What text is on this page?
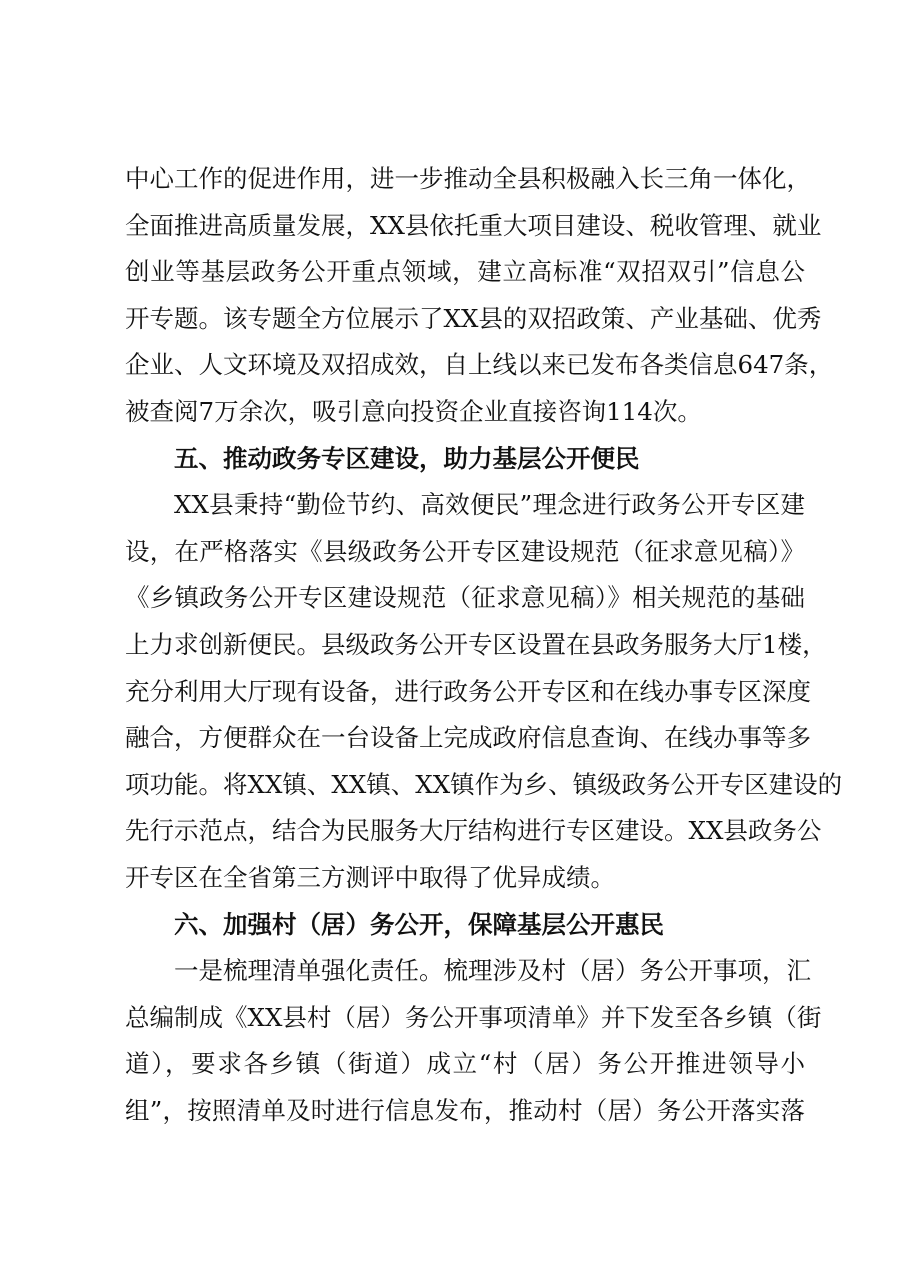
中心工作的促进作用，进一步推动全县积极融入长三角一体化，
全面推进高质量发展，XX县依托重大项目建设、税收管理、就业
创业等基层政务公开重点领域，建立高标准“双招双引”信息公
开专题。该专题全方位展示了XX县的双招政策、产业基础、优秀
企业、人文环境及双招成效，自上线以来已发布各类信息647条，
被查阅7万余次，吸引意向投资企业直接咨询114次。
五、推动政务专区建设，助力基层公开便民
XX县秉持“勤俭节约、高效便民”理念进行政务公开专区建
设，在严格落实《县级政务公开专区建设规范（征求意见稿）》
《乡镇政务公开专区建设规范（征求意见稿）》相关规范的基础
上力求创新便民。县级政务公开专区设置在县政务服务大厅1楼，
充分利用大厅现有设备，进行政务公开专区和在线办事专区深度
融合，方便群众在一台设备上完成政府信息查询、在线办事等多
项功能。将XX镇、XX镇、XX镇作为乡、镇级政务公开专区建设的
先行示范点，结合为民服务大厅结构进行专区建设。XX县政务公
开专区在全省第三方测评中取得了优异成绩。
六、加强村（居）务公开，保障基层公开惠民
一是梳理清单强化责任。梳理涉及村（居）务公开事项，汇
总编制成《XX县村（居）务公开事项清单》并下发至各乡镇（街
道），要求各乡镇（街道）成立“村（居）务公开推进领导小
组”，按照清单及时进行信息发布，推动村（居）务公开落实落
